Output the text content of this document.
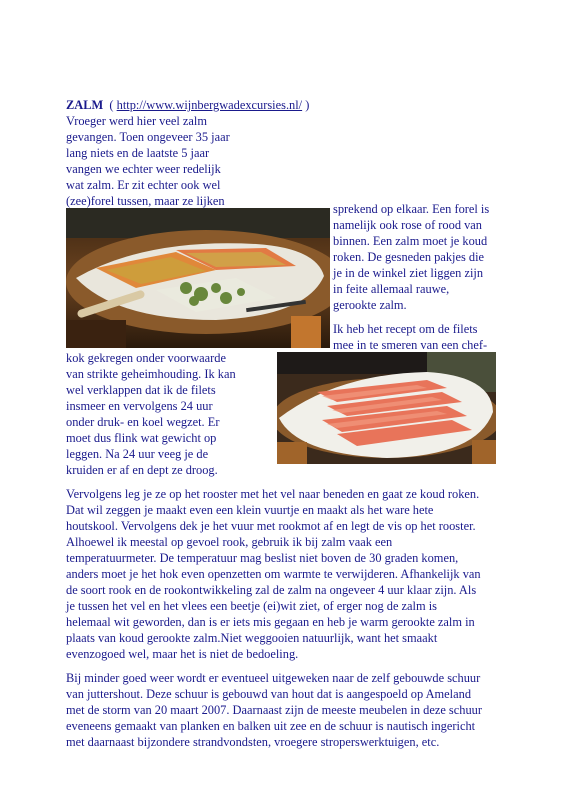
ZALM ( http://www.wijnbergwadexcursies.nl/ )
Vroeger werd hier veel zalm
gevangen. Toen ongeveer 35 jaar
lang niets en de laatste 5 jaar
vangen we echter weer redelijk
wat zalm. Er zit echter ook wel
(zee)forel tussen, maar ze lijken
sprekend op elkaar. Een forel is
namelijk ook rose of rood van
binnen. Een zalm moet je koud
roken. De gesneden pakjes die
je in de winkel ziet liggen zijn
in feite allemaal rauwe,
gerookte zalm.
Ik heb het recept om de filets
mee in te smeren van een chef-
kok gekregen onder voorwaarde
van strikte geheimhouding. Ik kan
wel verklappen dat ik de filets
insmeer en vervolgens 24 uur
onder druk- en koel wegzet. Er
moet dus flink wat gewicht op
leggen. Na 24 uur veeg je de
kruiden er af en dept ze droog.
Vervolgens leg je ze op het rooster met het vel naar beneden en gaat ze koud roken.
Dat wil zeggen je maakt even een klein vuurtje en maakt als het ware hete
houtskool. Vervolgens dek je het vuur met rookmot af en legt de vis op het rooster.
Alhoewel ik meestal op gevoel rook, gebruik ik bij zalm vaak een
temperatuurmeter. De temperatuur mag beslist niet boven de 30 graden komen,
anders moet je het hok even openzetten om warmte te verwijderen. Afhankelijk van
de soort rook en de rookontwikkeling zal de zalm na ongeveer 4 uur klaar zijn. Als
je tussen het vel en het vlees een beetje (ei)wit ziet, of erger nog de zalm is
helemaal wit geworden, dan is er iets mis gegaan en heb je warm gerookte zalm in
plaats van koud gerookte zalm.Niet weggooien natuurlijk, want het smaakt
evenzogoed wel, maar het is niet de bedoeling.
Bij minder goed weer wordt er eventueel uitgeweken naar de zelf gebouwde schuur
van juttershout. Deze schuur is gebouwd van hout dat is aangespoeld op Ameland
met de storm van 20 maart 2007. Daarnaast zijn de meeste meubelen in deze schuur
eveneens gemaakt van planken en balken uit zee en de schuur is nautisch ingericht
met daarnaast bijzondere strandvondsten, vroegere stroperswerktuigen, etc.
